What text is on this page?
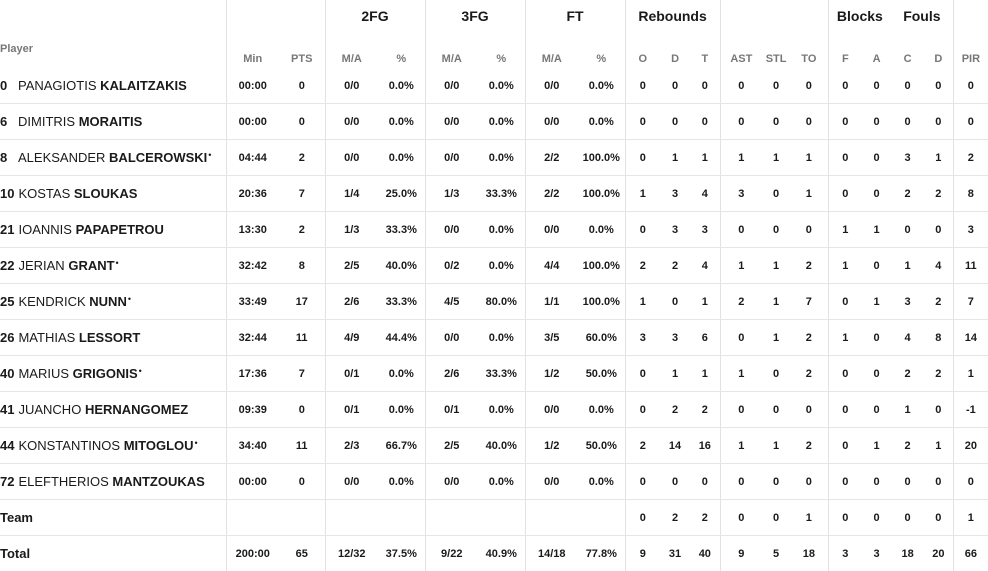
			2FG		3FG		FT		Rebounds						Blocks		Fouls		
Player	Min	PTS	M/A	%	M/A	%	M/A	%	O	D	T	AST	STL	TO	F	A	C	D	PIR
0 PANAGIOTIS KALAITZAKIS	00:00	0	0/0	0.0%	0/0	0.0%	0/0	0.0%	0	0	0	0	0	0	0	0	0	0	0
6 DIMITRIS MORAITIS	00:00	0	0/0	0.0%	0/0	0.0%	0/0	0.0%	0	0	0	0	0	0	0	0	0	0	0
8 ALEKSANDER BALCEROWSKI•	04:44	2	0/0	0.0%	0/0	0.0%	2/2	100.0%	0	1	1	1	1	1	0	0	3	1	2
10 KOSTAS SLOUKAS	20:36	7	1/4	25.0%	1/3	33.3%	2/2	100.0%	1	3	4	3	0	1	0	0	2	2	8
21 IOANNIS PAPAPETROU	13:30	2	1/3	33.3%	0/0	0.0%	0/0	0.0%	0	3	3	0	0	0	1	1	0	0	3
22 JERIAN GRANT•	32:42	8	2/5	40.0%	0/2	0.0%	4/4	100.0%	2	2	4	1	1	2	1	0	1	4	11
25 KENDRICK NUNN•	33:49	17	2/6	33.3%	4/5	80.0%	1/1	100.0%	1	0	1	2	1	7	0	1	3	2	7
26 MATHIAS LESSORT	32:44	11	4/9	44.4%	0/0	0.0%	3/5	60.0%	3	3	6	0	1	2	1	0	4	8	14
40 MARIUS GRIGONIS•	17:36	7	0/1	0.0%	2/6	33.3%	1/2	50.0%	0	1	1	1	0	2	0	0	2	2	1
41 JUANCHO HERNANGOMEZ	09:39	0	0/1	0.0%	0/1	0.0%	0/0	0.0%	0	2	2	0	0	0	0	0	1	0	-1
44 KONSTANTINOS MITOGLOU•	34:40	11	2/3	66.7%	2/5	40.0%	1/2	50.0%	2	14	16	1	1	2	0	1	2	1	20
72 ELEFTHERIOS MANTZOUKAS	00:00	0	0/0	0.0%	0/0	0.0%	0/0	0.0%	0	0	0	0	0	0	0	0	0	0	0
Team									0	2	2	0	0	1	0	0	0	0	1
Total	200:00	65	12/32	37.5%	9/22	40.9%	14/18	77.8%	9	31	40	9	5	18	3	3	18	20	66
